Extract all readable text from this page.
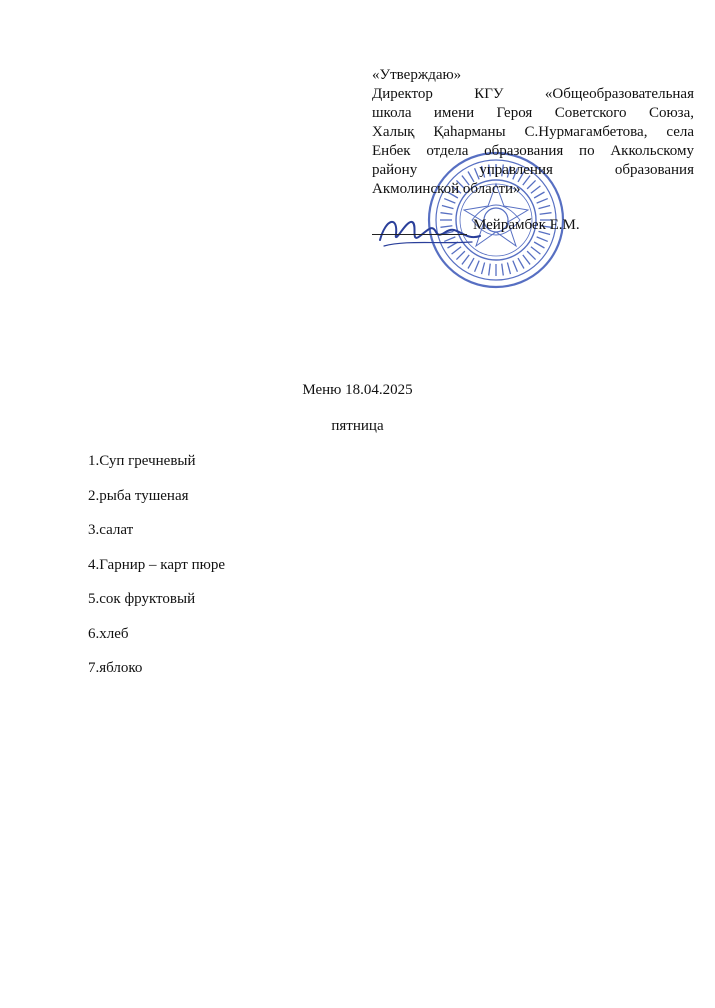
«Утверждаю»
Директор КГУ «Общеобразовательная
школа имени Героя Советского Союза,
Халық Қаһарманы С.Нурмагамбетова, села
Енбек отдела образования по Аккольскому
району управления образования
Акмолинской области»
Мейрамбек Е.М.
Меню 18.04.2025
пятница
1.Суп гречневый
2.рыба тушеная
3.салат
4.Гарнир – карт пюре
5.сок фруктовый
6.хлеб
7.яблоко
